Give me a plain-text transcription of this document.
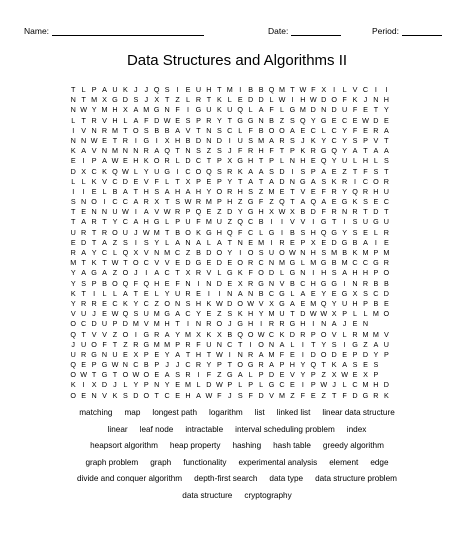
Name:	Date:	Period:
Data Structures and Algorithms II
T L P A U K J J Q S I E U H T M I B B Q M T W F X I L V C I I
N T M X G D S J X T Z L R T K L E D D L W I H W D O F K J N H
N W Y M H X A M G N F I G U K U Q L A F L G M D N D U F E T Y
L T R V H L A F D W E S P R Y T G G N B Z S Q Y G E C E W D E
I V N R M T O S B B A V T N S C L F B O O A E C L C Y F E R A
N N W E T R I G I X H B D N D I U S M A R S J K Y C Y S P V T
K A V N M N N R A Q T N S Z S J F R H F T P K R G Q Y A T A A
E I P A W E H K O R L D C T P X G H T P L N H E Q Y U L H L S
D X C K Q W L Y U G I C O Q S R K A A S D I S P A E Z T F S T
L L K V C D E V F L T X P E P Y T A T A D N G A S K R I C O R
I I E L B A T H S A H A H Y O R H S Z M E T V E F R Y Q R H U
S N O I C C A R X T S W R M P H Z G F Z Q T A Q A E G K S E C
T E N N U W I A V W R P Q E Z D Y G H X W X B D F R N R T D T
T A R T Y C A H G L P U F M U Z Q C B I I V V I G T I S U G U
U R T R O U J W M T B O K G H Q F C L G I B S H Q G Y S E L R
E D T A Z S I S Y L A N A L A T N E M I R E P X E D G B A I E
R A Y C L Q X V N M C Z B D O Y I O S U O W N H S M B K M P M
M T K T W T O C V V E D G E D E O R C N M G L M G B M C C G R
Y A G A Z O J I A C T X R V L G K F O D L G N I H S A H H P O
Y S P B O Q F Q H E F N I N D E X R G N V B C H G G I N R B B
K T I L L A T E L Y U R E I I N A N B C G L A E Y E G X S C D
Y R R E C K Y C Z O N S H K W D O W V X G A E M Q Y U H P B E
V U J E W Q S U M G A C Y E Z S K H Y M U T D W W X P L L M O
O C D U P D M V M H T I N R O J G H I R R G H I N A J E N
Q T V V Z O I G R A Y M X K X B Q O W C K D R P O V L R M M V
J U O F T Z R G M M P R F U N C T I O N A L I T Y S I G Z A U
U R G N U E X P E Y A T H T W I N R A M F E I D O D E P D Y P
Q E P G W N C B P J J C R Y P T O G R A P H Y Q T K A S E S
O W T G T O W O E A S R I F Z G A L P D E V Y P Z X W E X P
K I X D J L Y P N Y E M L D W P L P L G C E I P W J L C M H D
O E N V K S D O T C E H A W F J S F D V M Z F E Z T F D G R K
matching map longest path logarithm list linked list linear data structure
linear leaf node intractable interval scheduling problem index
heapsort algorithm heap property hashing hash table greedy algorithm
graph problem graph functionality experimental analysis element edge
divide and conquer algorithm depth-first search data type data structure problem
data structure cryptography
